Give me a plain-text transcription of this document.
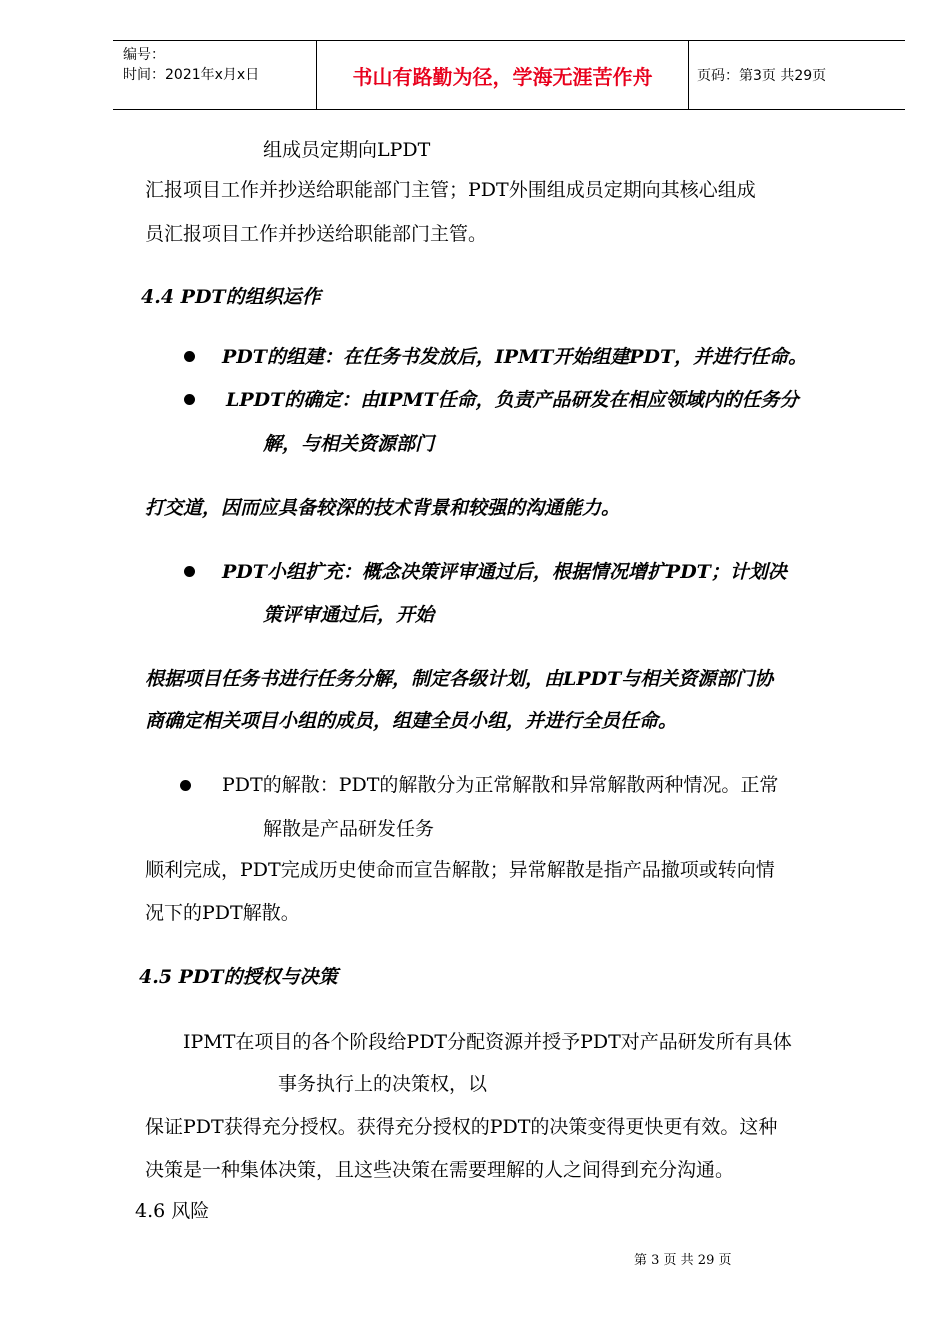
编号：
时间：2021年x月x日	书山有路勤为径，学海无涯苦作舟	页码：第3页 共29页
组成员定期向LPDT
汇报项目工作并抄送给职能部门主管；PDT外围组成员定期向其核心组成
员汇报项目工作并抄送给职能部门主管。
4.4 PDT的组织运作
PDT的组建：在任务书发放后，IPMT开始组建PDT，并进行任命。
LPDT的确定：由IPMT任命，负责产品研发在相应领域内的任务分
解，与相关资源部门
打交道，因而应具备较深的技术背景和较强的沟通能力。
PDT小组扩充：概念决策评审通过后，根据情况增扩PDT；计划决
策评审通过后，开始
根据项目任务书进行任务分解，制定各级计划，由LPDT与相关资源部门协
商确定相关项目小组的成员，组建全员小组，并进行全员任命。
PDT的解散：PDT的解散分为正常解散和异常解散两种情况。正常
解散是产品研发任务
顺利完成，PDT完成历史使命而宣告解散；异常解散是指产品撤项或转向情
况下的PDT解散。
4.5 PDT的授权与决策
IPMT在项目的各个阶段给PDT分配资源并授予PDT对产品研发所有具体
事务执行上的决策权，以
保证PDT获得充分授权。获得充分授权的PDT的决策变得更快更有效。这种
决策是一种集体决策，且这些决策在需要理解的人之间得到充分沟通。
4.6 风险
第 3 页 共 29 页
